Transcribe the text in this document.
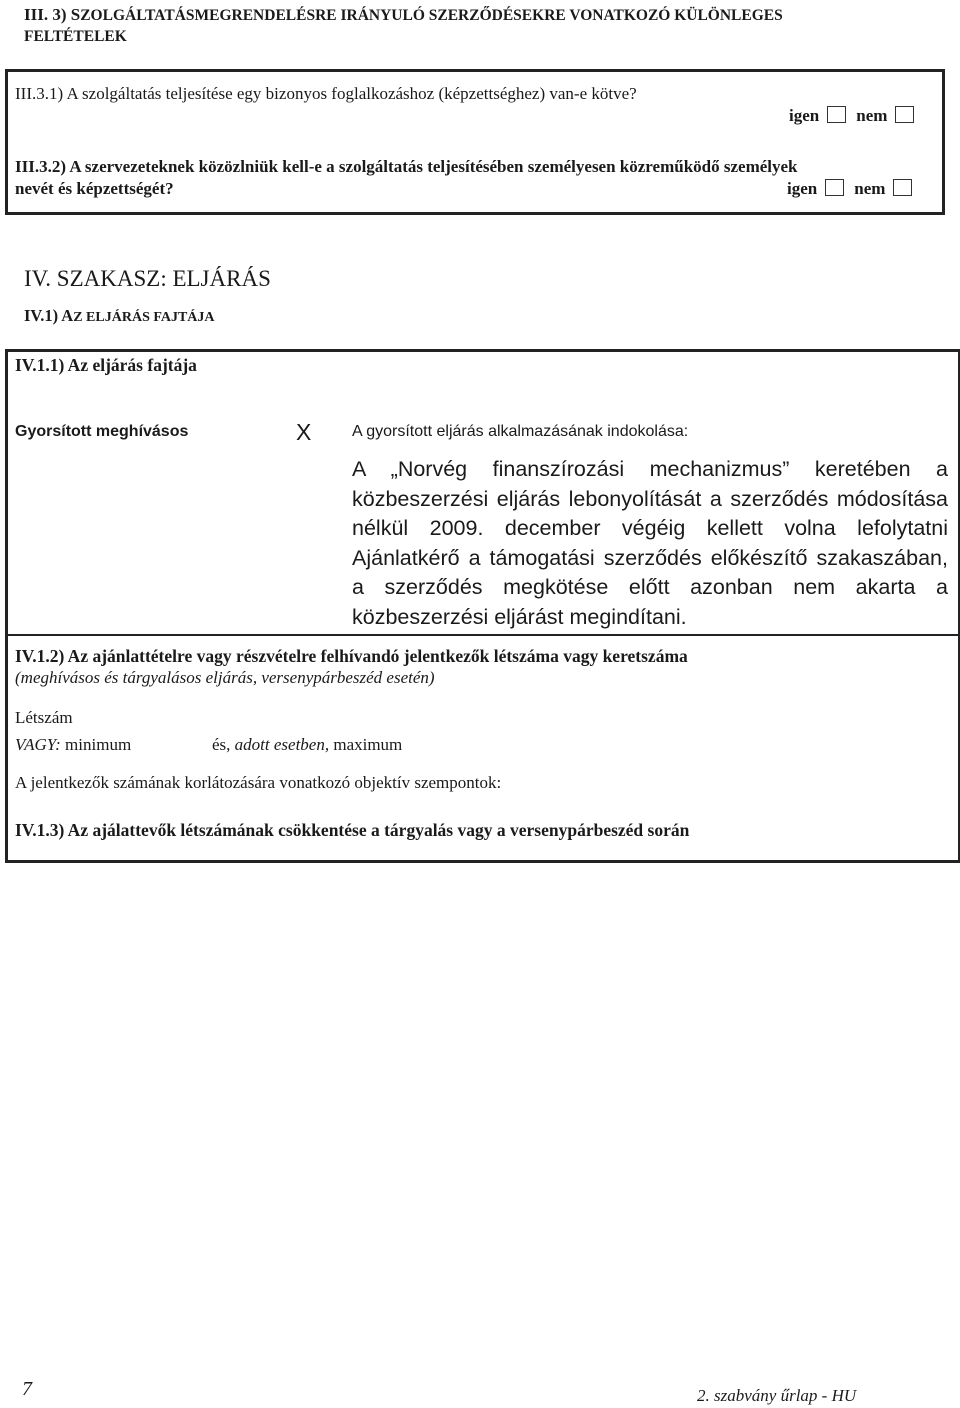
III. 3) SZOLGÁLTATÁSMEGRENDELÉSRE IRÁNYULÓ SZERZŐDÉSEKRE VONATKOZÓ KÜLÖNLEGES
FELTÉTELEK
III.3.1) A szolgáltatás teljesítése egy bizonyos foglalkozáshoz (képzettséghez) van-e kötve?
igen nem
III.3.2) A szervezeteknek közözlniük kell-e a szolgáltatás teljesítésében személyesen közreműködő személyek
nevét és képzettségét?	igen nem
IV. SZAKASZ: ELJÁRÁS
IV.1) AZ ELJÁRÁS FAJTÁJA
IV.1.1) Az eljárás fajtája
Gyorsított meghívásos	X	A gyorsított eljárás alkalmazásának indokolása:
A „Norvég finanszírozási mechanizmus” keretében a közbeszerzési eljárás lebonyolítását a szerződés módosítása nélkül 2009. december végéig kellett volna lefolytatni Ajánlatkérő a támogatási szerződés előkészítő szakaszában, a szerződés megkötése előtt azonban nem akarta a közbeszerzési eljárást megindítani.
IV.1.2) Az ajánlattételre vagy részvételre felhívandó jelentkezők létszáma vagy keretszáma
(meghívásos és tárgyalásos eljárás, versenypárbeszéd esetén)
Létszám
VAGY: minimum	és, adott esetben, maximum
A jelentkezők számának korlátozására vonatkozó objektív szempontok:
IV.1.3) Az ajálattevők létszámának csökkentése a tárgyalás vagy a versenypárbeszéd során
7	2. szabvány űrlap - HU
